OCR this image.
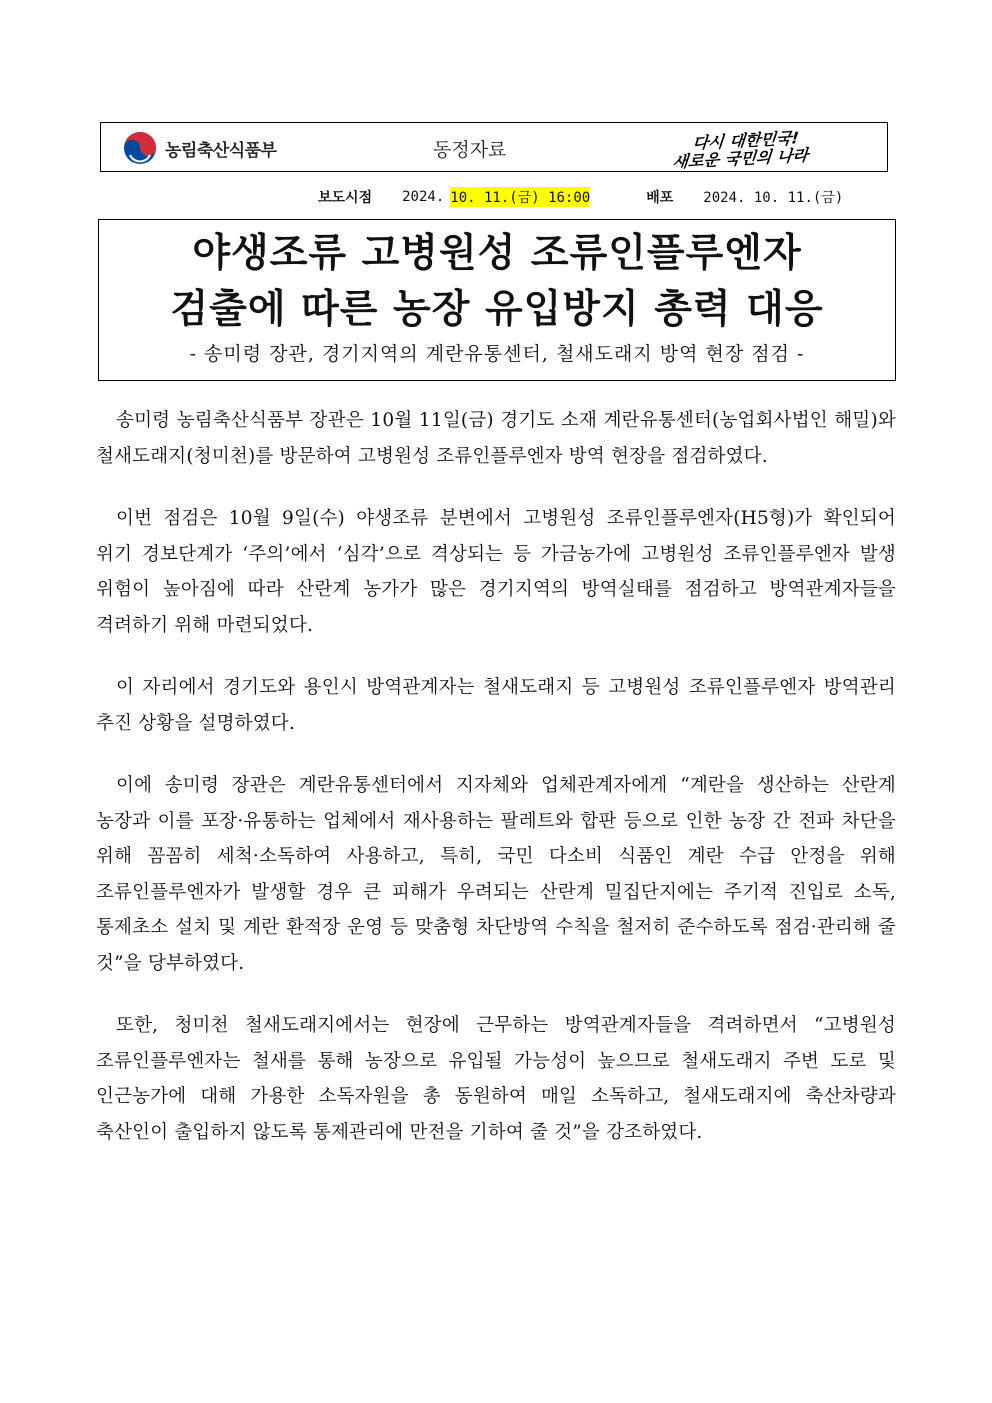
농림축산식품부	동정자료	다시 대한민국!
새로운 국민의 나라
보도시점 2024. 10. 11.(금) 16:00	배포 2024. 10. 11.(금)
야생조류 고병원성 조류인플루엔자
검출에 따른 농장 유입방지 총력 대응
- 송미령 장관, 경기지역의 계란유통센터, 철새도래지 방역 현장 점검 -

송미령 농림축산식품부 장관은 10월 11일(금) 경기도 소재 계란유통센터(농업회사법인 해밀)와 철새도래지(청미천)를 방문하여 고병원성 조류인플루엔자 방역 현장을 점검하였다.

이번 점검은 10월 9일(수) 야생조류 분변에서 고병원성 조류인플루엔자(H5형)가 확인되어 위기 경보단계가 ‘주의’에서 ‘심각’으로 격상되는 등 가금농가에 고병원성 조류인플루엔자 발생 위험이 높아짐에 따라 산란계 농가가 많은 경기지역의 방역실태를 점검하고 방역관계자들을 격려하기 위해 마련되었다.

이 자리에서 경기도와 용인시 방역관계자는 철새도래지 등 고병원성 조류인플루엔자 방역관리 추진 상황을 설명하였다.

이에 송미령 장관은 계란유통센터에서 지자체와 업체관계자에게 “계란을 생산하는 산란계 농장과 이를 포장·유통하는 업체에서 재사용하는 팔레트와 합판 등으로 인한 농장 간 전파 차단을 위해 꼼꼼히 세척·소독하여 사용하고, 특히, 국민 다소비 식품인 계란 수급 안정을 위해 조류인플루엔자가 발생할 경우 큰 피해가 우려되는 산란계 밀집단지에는 주기적 진입로 소독, 통제초소 설치 및 계란 환적장 운영 등 맞춤형 차단방역 수칙을 철저히 준수하도록 점검·관리해 줄 것”을 당부하였다.

또한, 청미천 철새도래지에서는 현장에 근무하는 방역관계자들을 격려하면서 “고병원성 조류인플루엔자는 철새를 통해 농장으로 유입될 가능성이 높으므로 철새도래지 주변 도로 및 인근농가에 대해 가용한 소독자원을 총 동원하여 매일 소독하고, 철새도래지에 축산차량과 축산인이 출입하지 않도록 통제관리에 만전을 기하여 줄 것”을 강조하였다.
